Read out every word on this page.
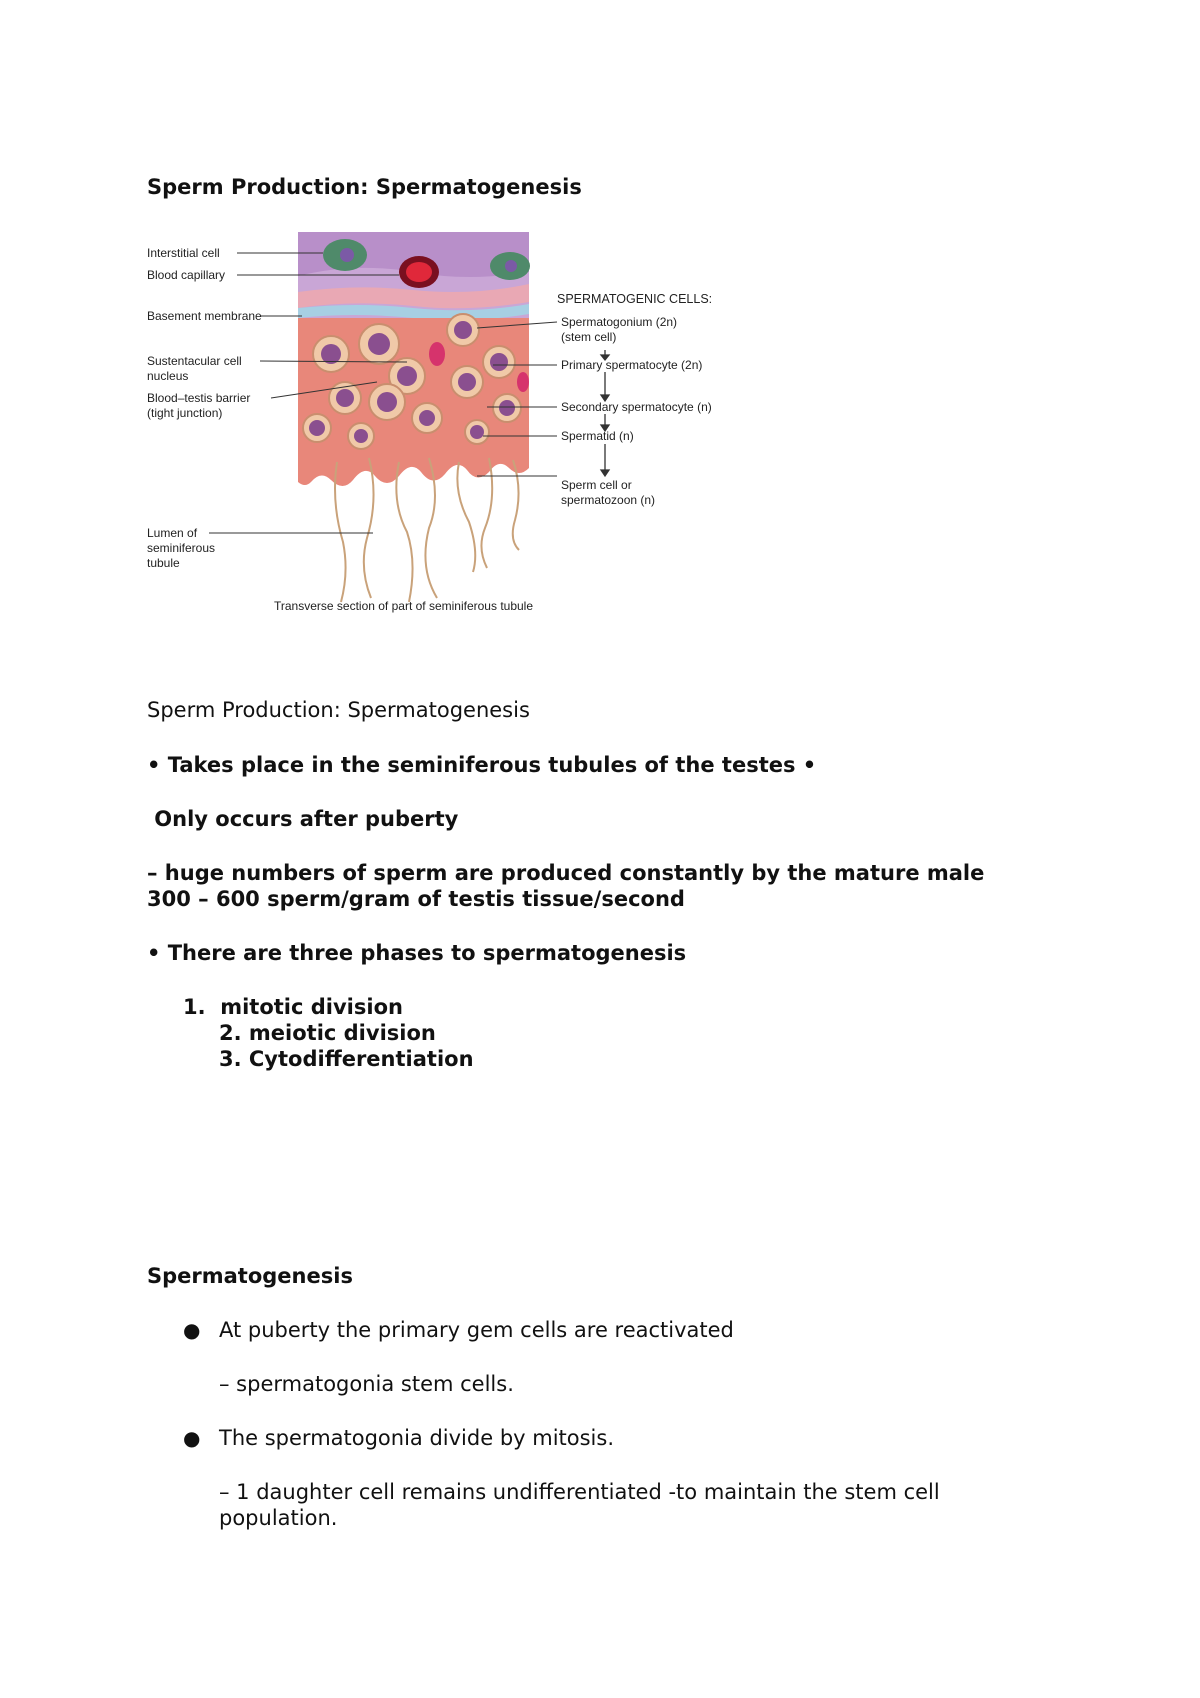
Sperm Production: Spermatogenesis
Interstitial cell
Blood capillary
Basement membrane
Sustentacular cell
nucleus
Blood–testis barrier
(tight junction)
Lumen of
seminiferous
tubule
SPERMATOGENIC CELLS:
Spermatogonium (2n)
(stem cell)
Primary spermatocyte (2n)
Secondary spermatocyte (n)
Spermatid (n)
Sperm cell or
spermatozoon (n)
Transverse section of part of seminiferous tubule
Sperm Production: Spermatogenesis
• Takes place in the seminiferous tubules of the testes •
Only occurs after puberty
– huge numbers of sperm are produced constantly by the mature male
300 – 600 sperm/gram of testis tissue/second
• There are three phases to spermatogenesis
1.  mitotic division
2. meiotic division
3. Cytodifferentiation
Spermatogenesis
● At puberty the primary gem cells are reactivated
– spermatogonia stem cells.
● The spermatogonia divide by mitosis.
– 1 daughter cell remains undifferentiated -to maintain the stem cell
population.
